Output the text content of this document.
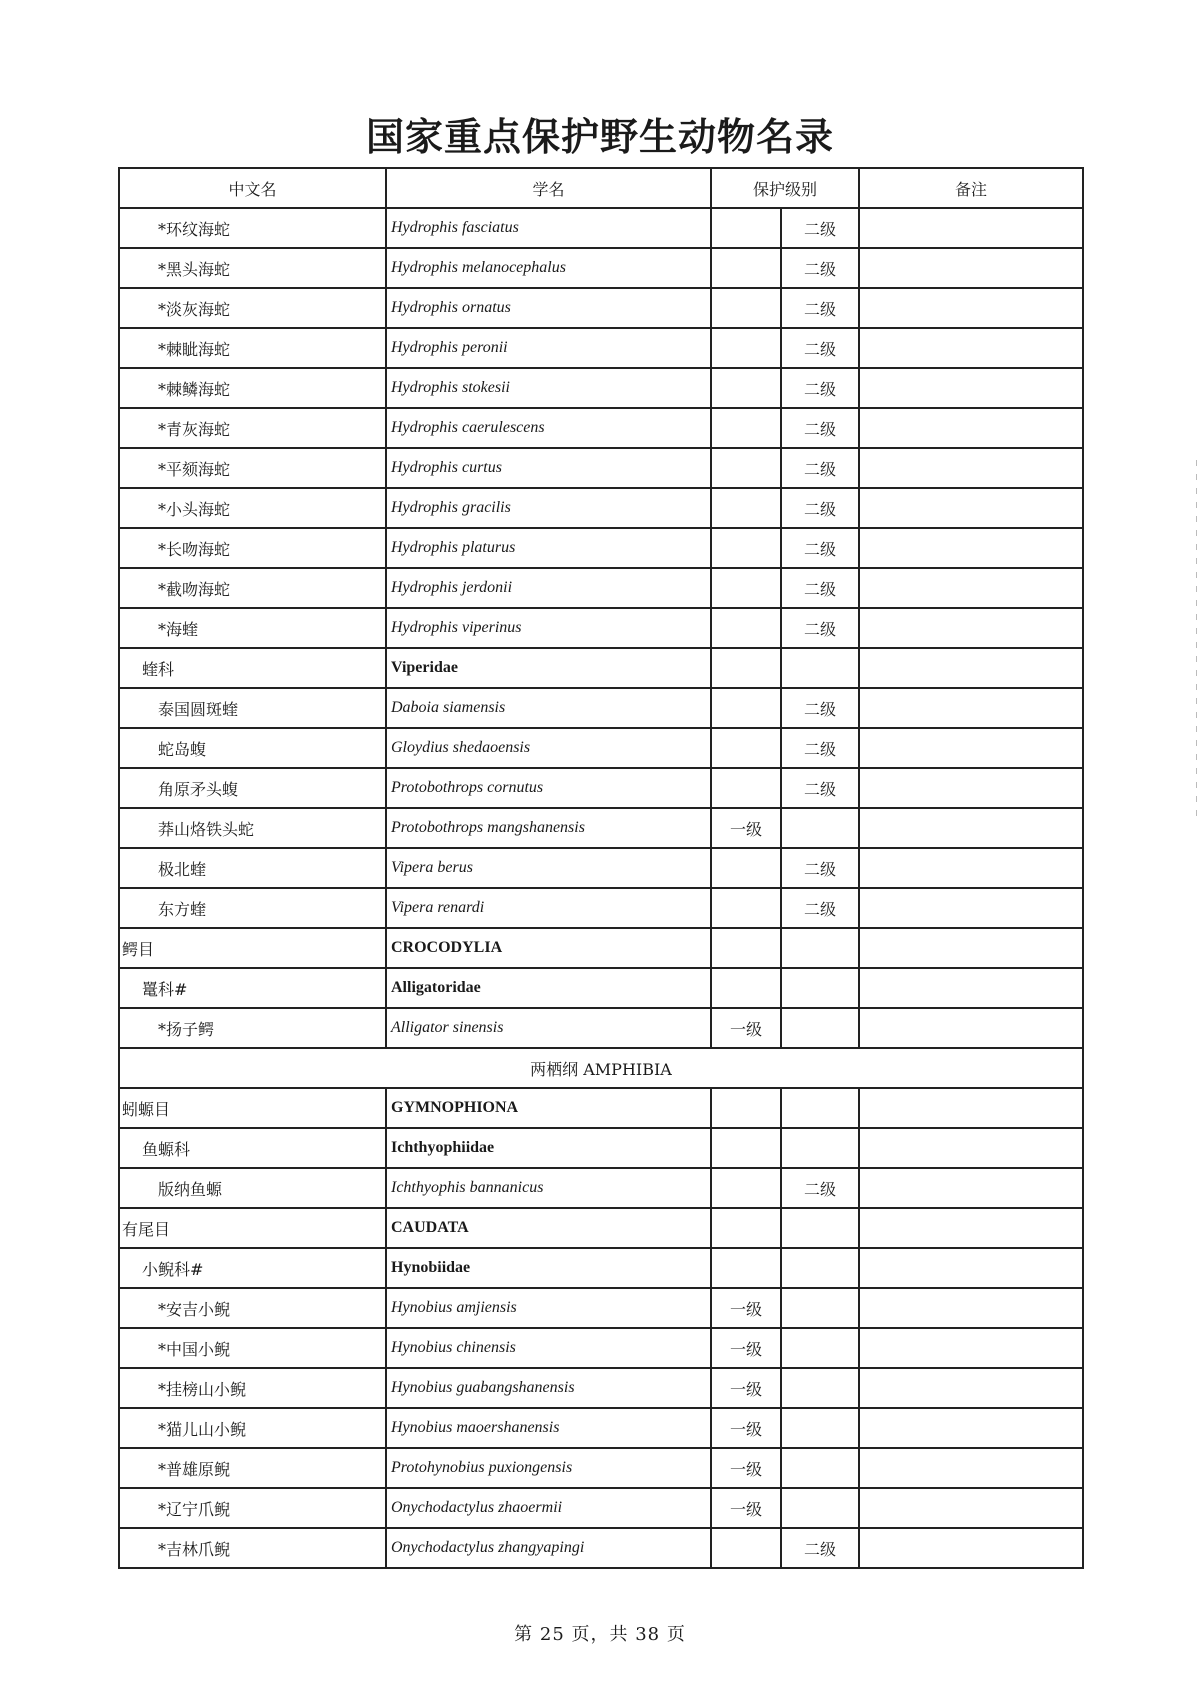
国家重点保护野生动物名录
中文名	学名	保护级别		备注
*环纹海蛇	Hydrophis fasciatus		二级	
*黑头海蛇	Hydrophis melanocephalus		二级	
*淡灰海蛇	Hydrophis ornatus		二级	
*棘眦海蛇	Hydrophis peronii		二级	
*棘鳞海蛇	Hydrophis stokesii		二级	
*青灰海蛇	Hydrophis caerulescens		二级	
*平颏海蛇	Hydrophis curtus		二级	
*小头海蛇	Hydrophis gracilis		二级	
*长吻海蛇	Hydrophis platurus		二级	
*截吻海蛇	Hydrophis jerdonii		二级	
*海蝰	Hydrophis viperinus		二级	
蝰科	Viperidae			
泰国圆斑蝰	Daboia siamensis		二级	
蛇岛蝮	Gloydius shedaoensis		二级	
角原矛头蝮	Protobothrops cornutus		二级	
莽山烙铁头蛇	Protobothrops mangshanensis	一级		
极北蝰	Vipera berus		二级	
东方蝰	Vipera renardi		二级	
鳄目	CROCODYLIA			
鼍科#	Alligatoridae			
*扬子鳄	Alligator sinensis	一级		
两栖纲 AMPHIBIA				
蚓螈目	GYMNOPHIONA			
鱼螈科	Ichthyophiidae			
版纳鱼螈	Ichthyophis bannanicus		二级	
有尾目	CAUDATA			
小鲵科#	Hynobiidae			
*安吉小鲵	Hynobius amjiensis	一级		
*中国小鲵	Hynobius chinensis	一级		
*挂榜山小鲵	Hynobius guabangshanensis	一级		
*猫儿山小鲵	Hynobius maoershanensis	一级		
*普雄原鲵	Protohynobius puxiongensis	一级		
*辽宁爪鲵	Onychodactylus zhaoermii	一级		
*吉林爪鲵	Onychodactylus zhangyapingi		二级	
第 25 页，共 38 页
